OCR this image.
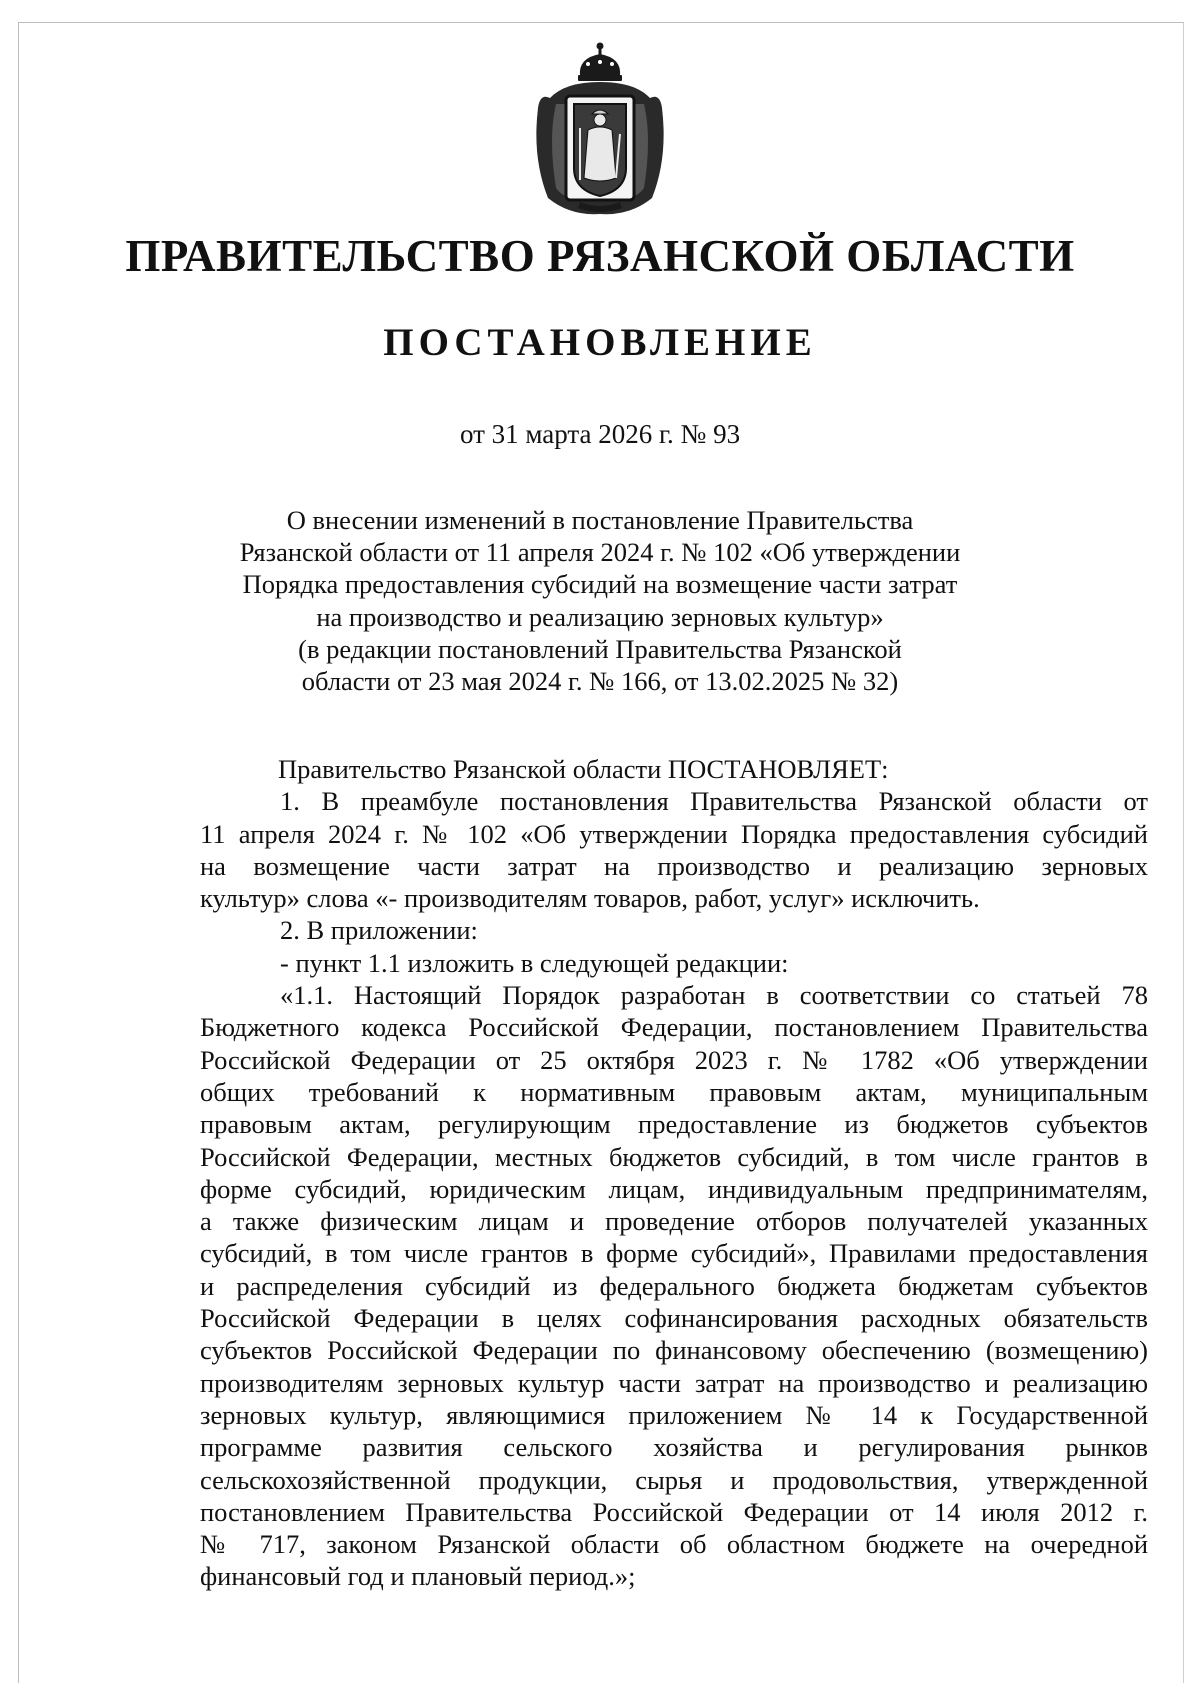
ПРАВИТЕЛЬСТВО РЯЗАНСКОЙ ОБЛАСТИ
ПОСТАНОВЛЕНИЕ
от 31 марта 2026 г. № 93
О внесении изменений в постановление Правительства
Рязанской области от 11 апреля 2024 г. № 102 «Об утверждении
Порядка предоставления субсидий на возмещение части затрат
на производство и реализацию зерновых культур»
(в редакции постановлений Правительства Рязанской
области от 23 мая 2024 г. № 166, от 13.02.2025 № 32)
Правительство Рязанской области ПОСТАНОВЛЯЕТ:
1. В преамбуле постановления Правительства Рязанской области от
11 апреля 2024 г. № 102 «Об утверждении Порядка предоставления субсидий
на возмещение части затрат на производство и реализацию зерновых
культур» слова «- производителям товаров, работ, услуг» исключить.
2. В приложении:
- пункт 1.1 изложить в следующей редакции:
«1.1. Настоящий Порядок разработан в соответствии со статьей 78
Бюджетного кодекса Российской Федерации, постановлением Правительства
Российской Федерации от 25 октября 2023 г. № 1782 «Об утверждении
общих требований к нормативным правовым актам, муниципальным
правовым актам, регулирующим предоставление из бюджетов субъектов
Российской Федерации, местных бюджетов субсидий, в том числе грантов в
форме субсидий, юридическим лицам, индивидуальным предпринимателям,
а также физическим лицам и проведение отборов получателей указанных
субсидий, в том числе грантов в форме субсидий», Правилами предоставления
и распределения субсидий из федерального бюджета бюджетам субъектов
Российской Федерации в целях софинансирования расходных обязательств
субъектов Российской Федерации по финансовому обеспечению (возмещению)
производителям зерновых культур части затрат на производство и реализацию
зерновых культур, являющимися приложением № 14 к Государственной
программе развития сельского хозяйства и регулирования рынков
сельскохозяйственной продукции, сырья и продовольствия, утвержденной
постановлением Правительства Российской Федерации от 14 июля 2012 г.
№ 717, законом Рязанской области об областном бюджете на очередной
финансовый год и плановый период.»;
